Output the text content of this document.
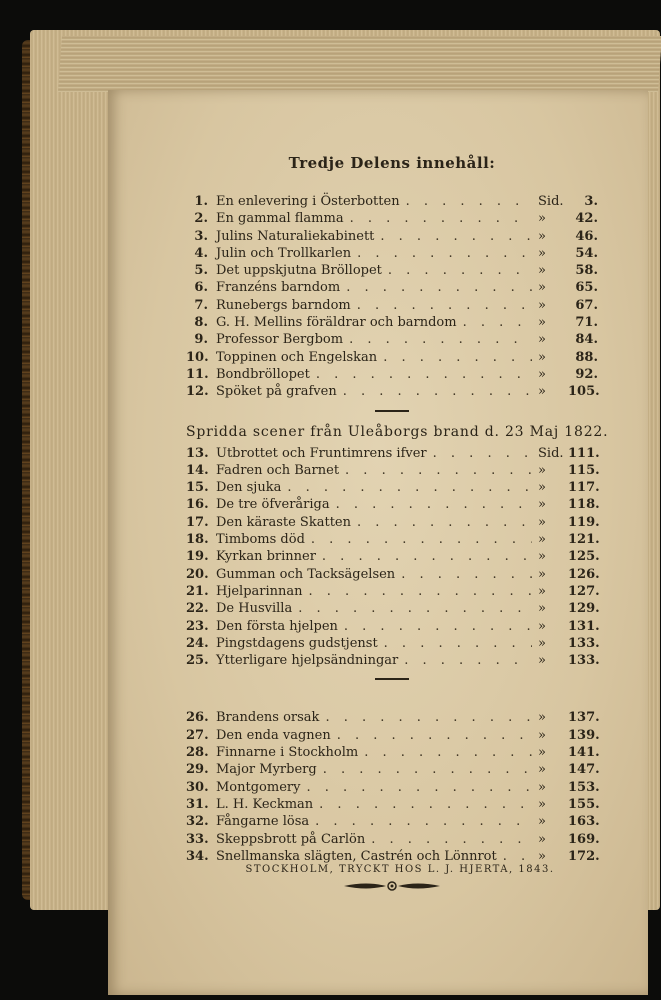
Tredje Delens innehåll:
1. En enlevering i Österbotten . . .	Sid.	3.
2. En gammal flamma . . .	»	42.
3. Julins Naturaliekabinett . . .	»	46.
4. Julin och Trollkarlen . . .	»	54.
5. Det uppskjutna Bröllopet . . .	»	58.
6. Franzéns barndom . . .	»	65.
7. Runebergs barndom . . .	»	67.
8. G. H. Mellins föräldrar och barndom . . .	»	71.
9. Professor Bergbom . . .	»	84.
10. Toppinen och Engelskan . . .	»	88.
11. Bondbröllopet . . .	»	92.
12. Spöket på grafven . . .	»	105.
Spridda scener från Uleåborgs brand d. 23 Maj 1822.
13. Utbrottet och Fruntimrens ifver . . .	Sid. 111.
14. Fadren och Barnet . . .	»	115.
15. Den sjuka . . .	»	117.
16. De tre öfveråriga . . .	»	118.
17. Den käraste Skatten . . .	»	119.
18. Timboms död . . .	»	121.
19. Kyrkan brinner . . .	»	125.
20. Gumman och Tacksägelsen . . .	»	126.
21. Hjelparinnan . . .	»	127.
22. De Husvilla . . .	»	129.
23. Den första hjelpen . . .	»	131.
24. Pingstdagens gudstjenst . . .	»	133.
25. Ytterligare hjelpsändningar . . .	»	133.
26. Brandens orsak . . .	»	137.
27. Den enda vagnen . . .	»	139.
28. Finnarne i Stockholm . . .	»	141.
29. Major Myrberg . . .	»	147.
30. Montgomery . . .	»	153.
31. L. H. Keckman . . .	»	155.
32. Fångarne lösa . . .	»	163.
33. Skeppsbrott på Carlön . . .	»	169.
34. Snellmanska slägten, Castrén och Lönnrot . . .	»	172.
STOCKHOLM, TRYCKT HOS L. J. HJERTA, 1843.
